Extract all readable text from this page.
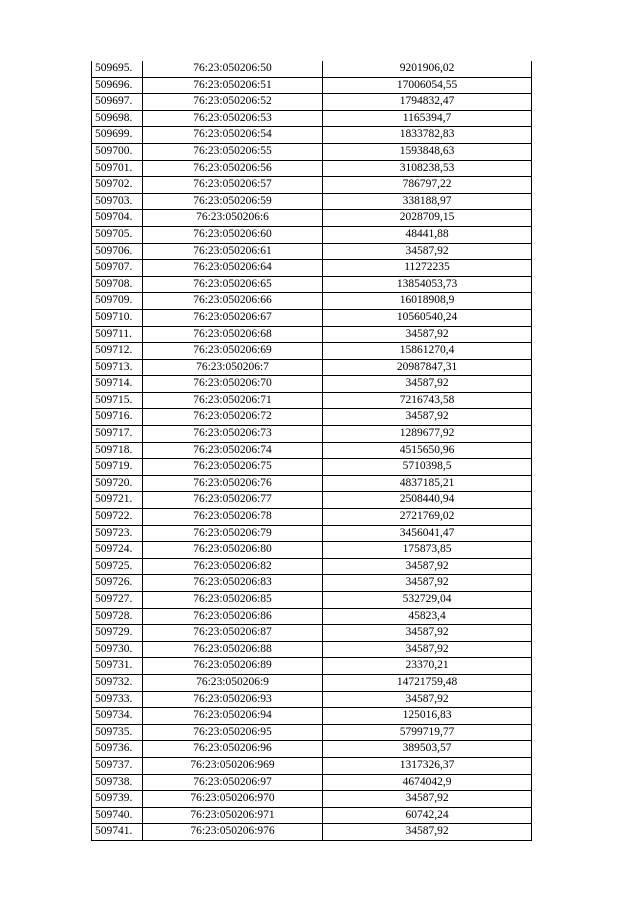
509695.	76:23:050206:50	9201906,02
509696.	76:23:050206:51	17006054,55
509697.	76:23:050206:52	1794832,47
509698.	76:23:050206:53	1165394,7
509699.	76:23:050206:54	1833782,83
509700.	76:23:050206:55	1593848,63
509701.	76:23:050206:56	3108238,53
509702.	76:23:050206:57	786797,22
509703.	76:23:050206:59	338188,97
509704.	76:23:050206:6	2028709,15
509705.	76:23:050206:60	48441,88
509706.	76:23:050206:61	34587,92
509707.	76:23:050206:64	11272235
509708.	76:23:050206:65	13854053,73
509709.	76:23:050206:66	16018908,9
509710.	76:23:050206:67	10560540,24
509711.	76:23:050206:68	34587,92
509712.	76:23:050206:69	15861270,4
509713.	76:23:050206:7	20987847,31
509714.	76:23:050206:70	34587,92
509715.	76:23:050206:71	7216743,58
509716.	76:23:050206:72	34587,92
509717.	76:23:050206:73	1289677,92
509718.	76:23:050206:74	4515650,96
509719.	76:23:050206:75	5710398,5
509720.	76:23:050206:76	4837185,21
509721.	76:23:050206:77	2508440,94
509722.	76:23:050206:78	2721769,02
509723.	76:23:050206:79	3456041,47
509724.	76:23:050206:80	175873,85
509725.	76:23:050206:82	34587,92
509726.	76:23:050206:83	34587,92
509727.	76:23:050206:85	532729,04
509728.	76:23:050206:86	45823,4
509729.	76:23:050206:87	34587,92
509730.	76:23:050206:88	34587,92
509731.	76:23:050206:89	23370,21
509732.	76:23:050206:9	14721759,48
509733.	76:23:050206:93	34587,92
509734.	76:23:050206:94	125016,83
509735.	76:23:050206:95	5799719,77
509736.	76:23:050206:96	389503,57
509737.	76:23:050206:969	1317326,37
509738.	76:23:050206:97	4674042,9
509739.	76:23:050206:970	34587,92
509740.	76:23:050206:971	60742,24
509741.	76:23:050206:976	34587,92
